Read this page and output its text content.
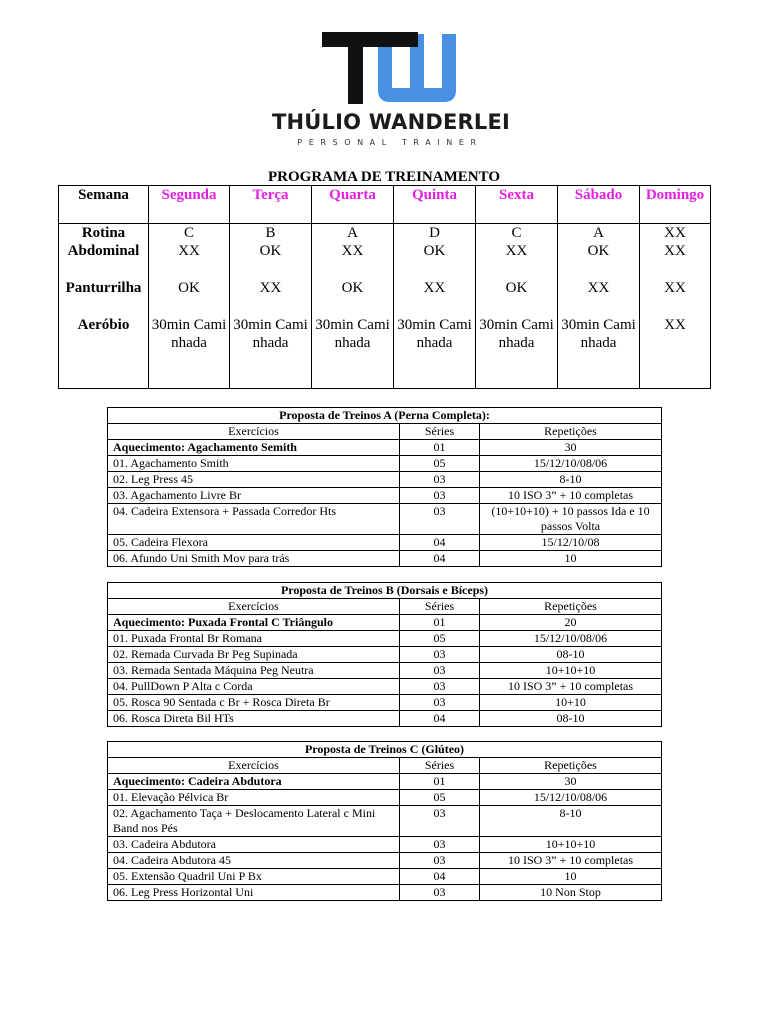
THÚLIO WANDERLEI
PERSONAL TRAINER
PROGRAMA DE TREINAMENTO
Semana	Segunda	Terça	Quarta	Quinta	Sexta	Sábado	Domingo
Rotina	C	B	A	D	C	A	XX
Abdominal	XX	OK	XX	OK	XX	OK	XX
Panturrilha	OK	XX	OK	XX	OK	XX	XX
Aeróbio	30min Caminhada	30min Caminhada	30min Caminhada	30min Caminhada	30min Caminhada	30min Caminhada	XX
Proposta de Treinos A (Perna Completa):		
Exercícios	Séries	Repetições
Aquecimento: Agachamento Semith	01	30
01. Agachamento Smith	05	15/12/10/08/06
02. Leg Press 45	03	8-10
03. Agachamento Livre Br	03	10 ISO 3” + 10 completas
04. Cadeira Extensora + Passada Corredor Hts	03	(10+10+10) + 10 passos Ida e 10 passos Volta
05. Cadeira Flexora	04	15/12/10/08
06. Afundo Uni Smith Mov para trás	04	10
Proposta de Treinos B (Dorsais e Bíceps)		
Exercícios	Séries	Repetições
Aquecimento: Puxada Frontal C Triângulo	01	20
01. Puxada Frontal Br Romana	05	15/12/10/08/06
02. Remada Curvada Br Peg Supinada	03	08-10
03. Remada Sentada Máquina Peg Neutra	03	10+10+10
04. PullDown P Alta c Corda	03	10 ISO 3” + 10 completas
05. Rosca 90 Sentada c Br + Rosca Direta Br	03	10+10
06. Rosca Direta Bil HTs	04	08-10
Proposta de Treinos C (Glúteo)		
Exercícios	Séries	Repetições
Aquecimento: Cadeira Abdutora	01	30
01. Elevação Pélvica Br	05	15/12/10/08/06
02. Agachamento Taça + Deslocamento Lateral c Mini Band nos Pés	03	8-10
03. Cadeira Abdutora	03	10+10+10
04. Cadeira Abdutora 45	03	10 ISO 3” + 10 completas
05. Extensão Quadril Uni P Bx	04	10
06. Leg Press Horizontal Uni	03	10 Non Stop
